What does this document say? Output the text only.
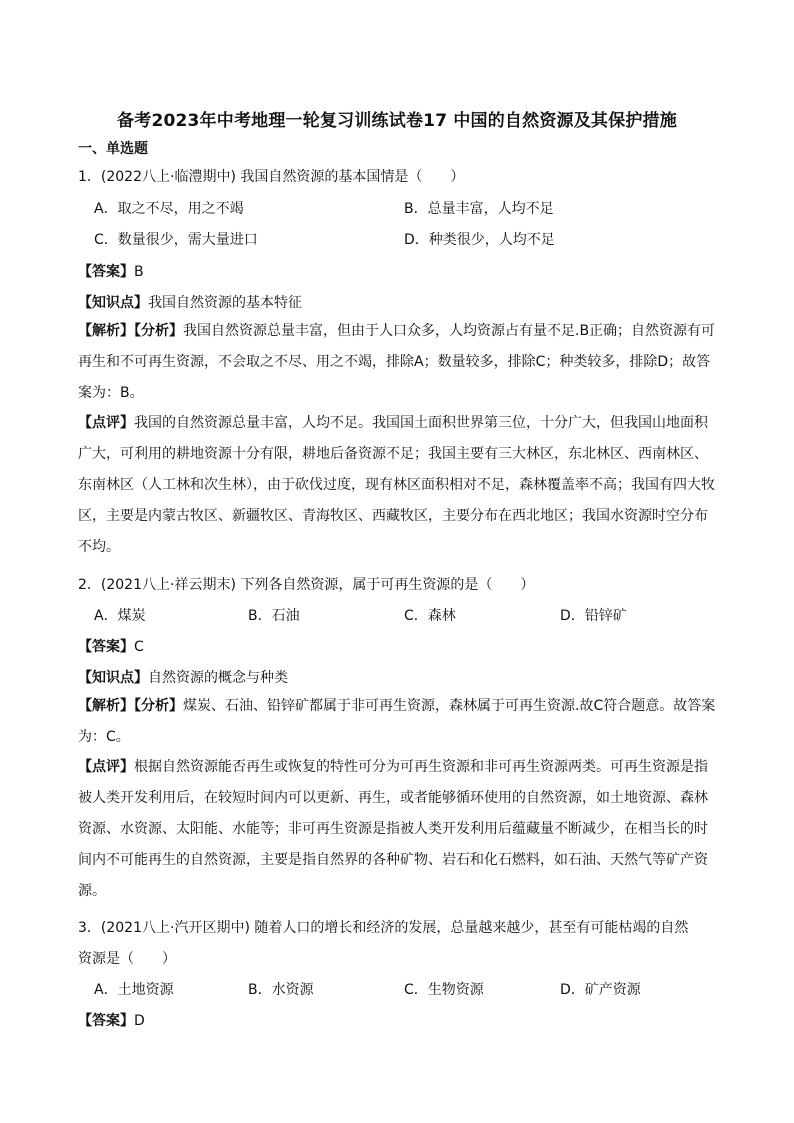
备考2023年中考地理一轮复习训练试卷17 中国的自然资源及其保护措施
一、单选题
1．(2022八上·临澧期中) 我国自然资源的基本国情是（　　）
A．取之不尽，用之不竭	B．总量丰富，人均不足
C．数量很少，需大量进口	D．种类很少，人均不足
【答案】B
【知识点】我国自然资源的基本特征
【解析】【分析】我国自然资源总量丰富，但由于人口众多，人均资源占有量不足.B正确；自然资源有可再生和不可再生资源，不会取之不尽、用之不竭，排除A；数量较多，排除C；种类较多，排除D；故答案为：B。
【点评】我国的自然资源总量丰富，人均不足。我国国土面积世界第三位，十分广大，但我国山地面积广大，可利用的耕地资源十分有限，耕地后备资源不足；我国主要有三大林区，东北林区、西南林区、东南林区（人工林和次生林），由于砍伐过度，现有林区面积相对不足，森林覆盖率不高；我国有四大牧区，主要是内蒙古牧区、新疆牧区、青海牧区、西藏牧区，主要分布在西北地区；我国水资源时空分布不均。
2．(2021八上·祥云期末) 下列各自然资源，属于可再生资源的是（　　）
A．煤炭	B．石油	C．森林	D．铅锌矿
【答案】C
【知识点】自然资源的概念与种类
【解析】【分析】煤炭、石油、铅锌矿都属于非可再生资源，森林属于可再生资源.故C符合题意。故答案为：C。
【点评】根据自然资源能否再生或恢复的特性可分为可再生资源和非可再生资源两类。可再生资源是指被人类开发利用后，在较短时间内可以更新、再生，或者能够循环使用的自然资源，如土地资源、森林资源、水资源、太阳能、水能等；非可再生资源是指被人类开发利用后蕴藏量不断减少，在相当长的时间内不可能再生的自然资源，主要是指自然界的各种矿物、岩石和化石燃料，如石油、天然气等矿产资源。
3．(2021八上·汽开区期中) 随着人口的增长和经济的发展，总量越来越少，甚至有可能枯竭的自然
资源是（　　）
A．土地资源	B．水资源	C．生物资源	D．矿产资源
【答案】D
